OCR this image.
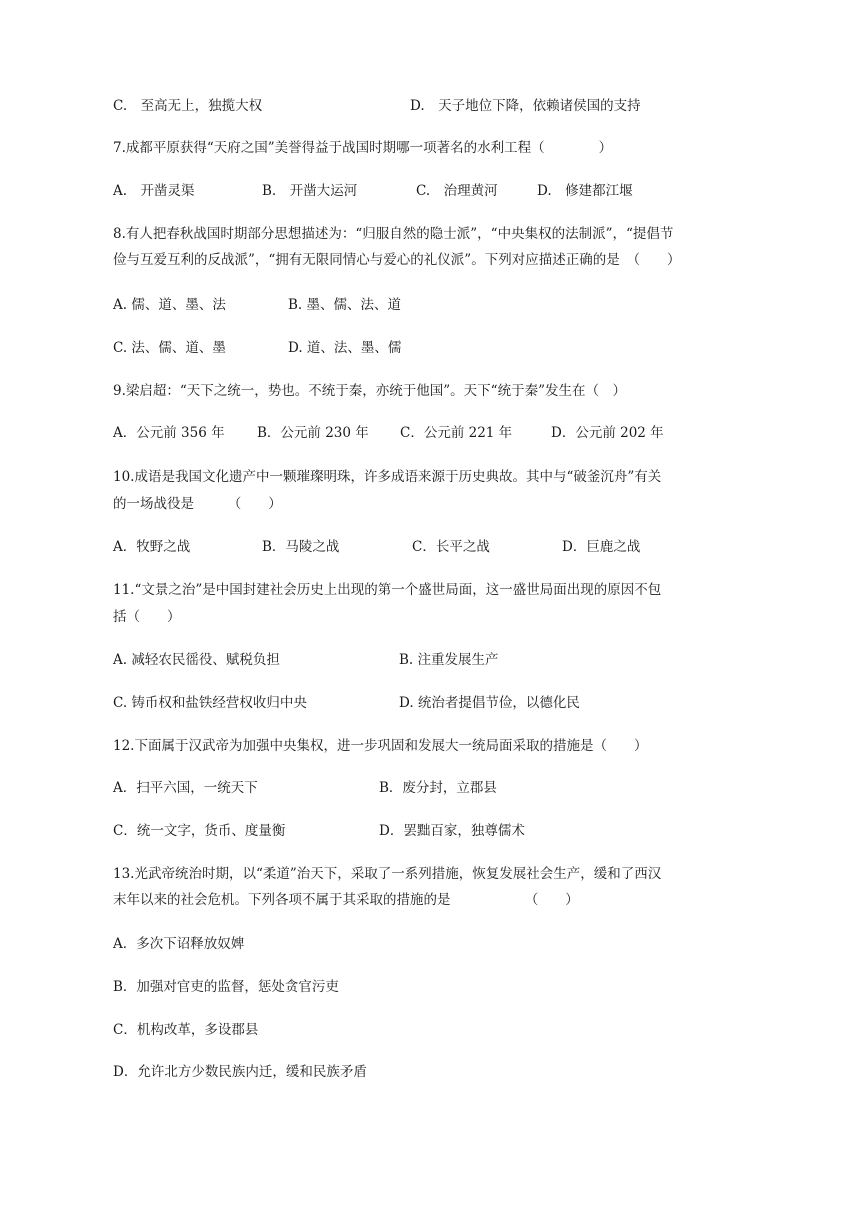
C.　至高无上，独揽大权	D.　天子地位下降，依赖诸侯国的支持
7.成都平原获得“天府之国”美誉得益于战国时期哪一项著名的水利工程（　　　　）
A.　开凿灵渠	B.　开凿大运河	C.　治理黄河	D.　修建都江堰
8.有人把春秋战国时期部分思想描述为：“归服自然的隐士派”，“中央集权的法制派”，“提倡节
俭与互爱互利的反战派”，“拥有无限同情心与爱心的礼仪派”。下列对应描述正确的是　（　　）
A. 儒、道、墨、法	B. 墨、儒、法、道
C. 法、儒、道、墨	D. 道、法、墨、儒
9.梁启超：“天下之统一，势也。不统于秦，亦统于他国”。天下“统于秦”发生在（　）
A．公元前 356 年 B．公元前 230 年 C．公元前 221 年	D．公元前 202 年
10.成语是我国文化遗产中一颗璀璨明珠，许多成语来源于历史典故。其中与“破釜沉舟”有关
的一场战役是　　　（　　）
A．牧野之战	B．马陵之战	C．长平之战	D．巨鹿之战
11.“文景之治”是中国封建社会历史上出现的第一个盛世局面，这一盛世局面出现的原因不包
括（　　）
A. 减轻农民徭役、赋税负担	B. 注重发展生产
C. 铸币权和盐铁经营权收归中央	D. 统治者提倡节俭，以德化民
12.下面属于汉武帝为加强中央集权，进一步巩固和发展大一统局面采取的措施是（　　）
A．扫平六国，一统天下	B．废分封，立郡县
C．统一文字，货币、度量衡	D．罢黜百家，独尊儒术
13.光武帝统治时期，以“柔道”治天下，采取了一系列措施，恢复发展社会生产，缓和了西汉
末年以来的社会危机。下列各项不属于其采取的措施的是　　　　　　（　　）
A．多次下诏释放奴婢
B．加强对官吏的监督，惩处贪官污吏
C．机构改革，多设郡县
D．允许北方少数民族内迁，缓和民族矛盾
